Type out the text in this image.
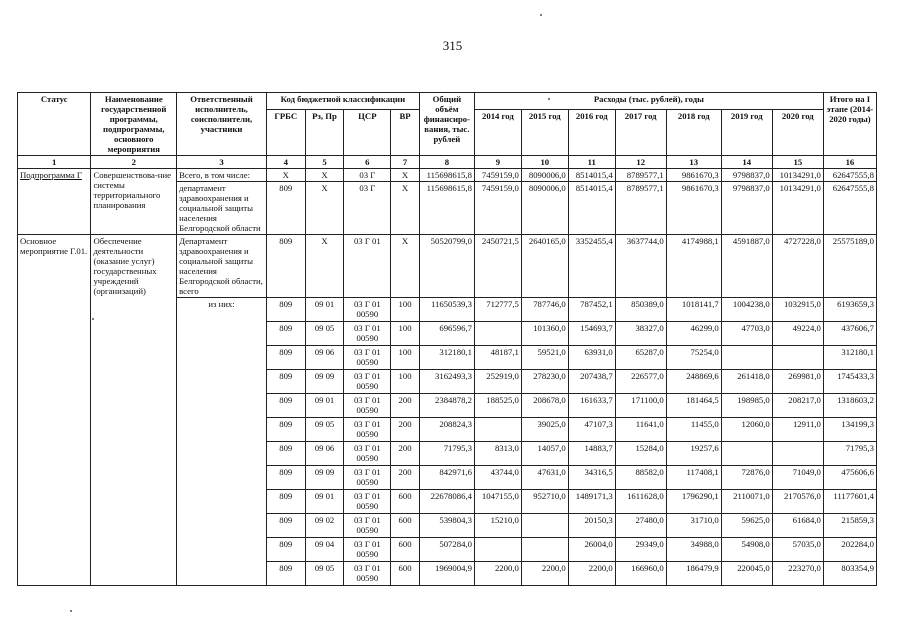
315
Статус	Наименование государственной программы, подпрограммы, основного мероприятия	Ответственный исполнитель, соисполнители, участники	Код бюджетной классификации				Общий объём финансиро-вания, тыс. рублей	Расходы (тыс. рублей), годы							Итого на I этапе (2014-2020 годы)
			ГРБС	Рз, Пр	ЦСР	ВР		2014 год	2015 год	2016 год	2017 год	2018 год	2019 год	2020 год	
1	2	3	4	5	6	7	8	9	10	11	12	13	14	15	16
Подпрограмма Г	Совершенствова-ние системы территориального планирования	Всего, в том числе:	Х	Х	03 Г	Х	115698615,8	7459159,0	8090006,0	8514015,4	8789577,1	9861670,3	9798837,0	10134291,0	62647555,8
		департамент здравоохранения и социальной защиты населения Белгородской области	809	Х	03 Г	Х	115698615,8	7459159,0	8090006,0	8514015,4	8789577,1	9861670,3	9798837,0	10134291,0	62647555,8
Основное мероприятие Г.01.	Обеспечение деятельности (оказание услуг) государственных учреждений (организаций)	Департамент здравоохранения и социальной защиты населения Белгородской области, всего	809	Х	03 Г 01	Х	50520799,0	2450721,5	2640165,0	3352455,4	3637744,0	4174988,1	4591887,0	4727228,0	25575189,0
		из них:	809	09 01	03 Г 01 00590	100	11650539,3	712777,5	787746,0	787452,1	850389,0	1018141,7	1004238,0	1032915,0	6193659,3
			809	09 05	03 Г 01 00590	100	696596,7		101360,0	154693,7	38327,0	46299,0	47703,0	49224,0	437606,7
			809	09 06	03 Г 01 00590	100	312180,1	48187,1	59521,0	63931,0	65287,0	75254,0			312180,1
			809	09 09	03 Г 01 00590	100	3162493,3	252919,0	278230,0	207438,7	226577,0	248869,6	261418,0	269981,0	1745433,3
			809	09 01	03 Г 01 00590	200	2384878,2	188525,0	208678,0	161633,7	171100,0	181464,5	198985,0	208217,0	1318603,2
			809	09 05	03 Г 01 00590	200	208824,3		39025,0	47107,3	11641,0	11455,0	12060,0	12911,0	134199,3
			809	09 06	03 Г 01 00590	200	71795,3	8313,0	14057,0	14883,7	15284,0	19257,6			71795,3
			809	09 09	03 Г 01 00590	200	842971,6	43744,0	47631,0	34316,5	88582,0	117408,1	72876,0	71049,0	475606,6
			809	09 01	03 Г 01 00590	600	22678086,4	1047155,0	952710,0	1489171,3	1611628,0	1796290,1	2110071,0	2170576,0	11177601,4
			809	09 02	03 Г 01 00590	600	539804,3	15210,0		20150,3	27480,0	31710,0	59625,0	61684,0	215859,3
			809	09 04	03 Г 01 00590	600	507284,0			26004,0	29349,0	34988,0	54908,0	57035,0	202284,0
			809	09 05	03 Г 01 00590	600	1969004,9	2200,0	2200,0	2200,0	166960,0	186479,9	220045,0	223270,0	803354,9
